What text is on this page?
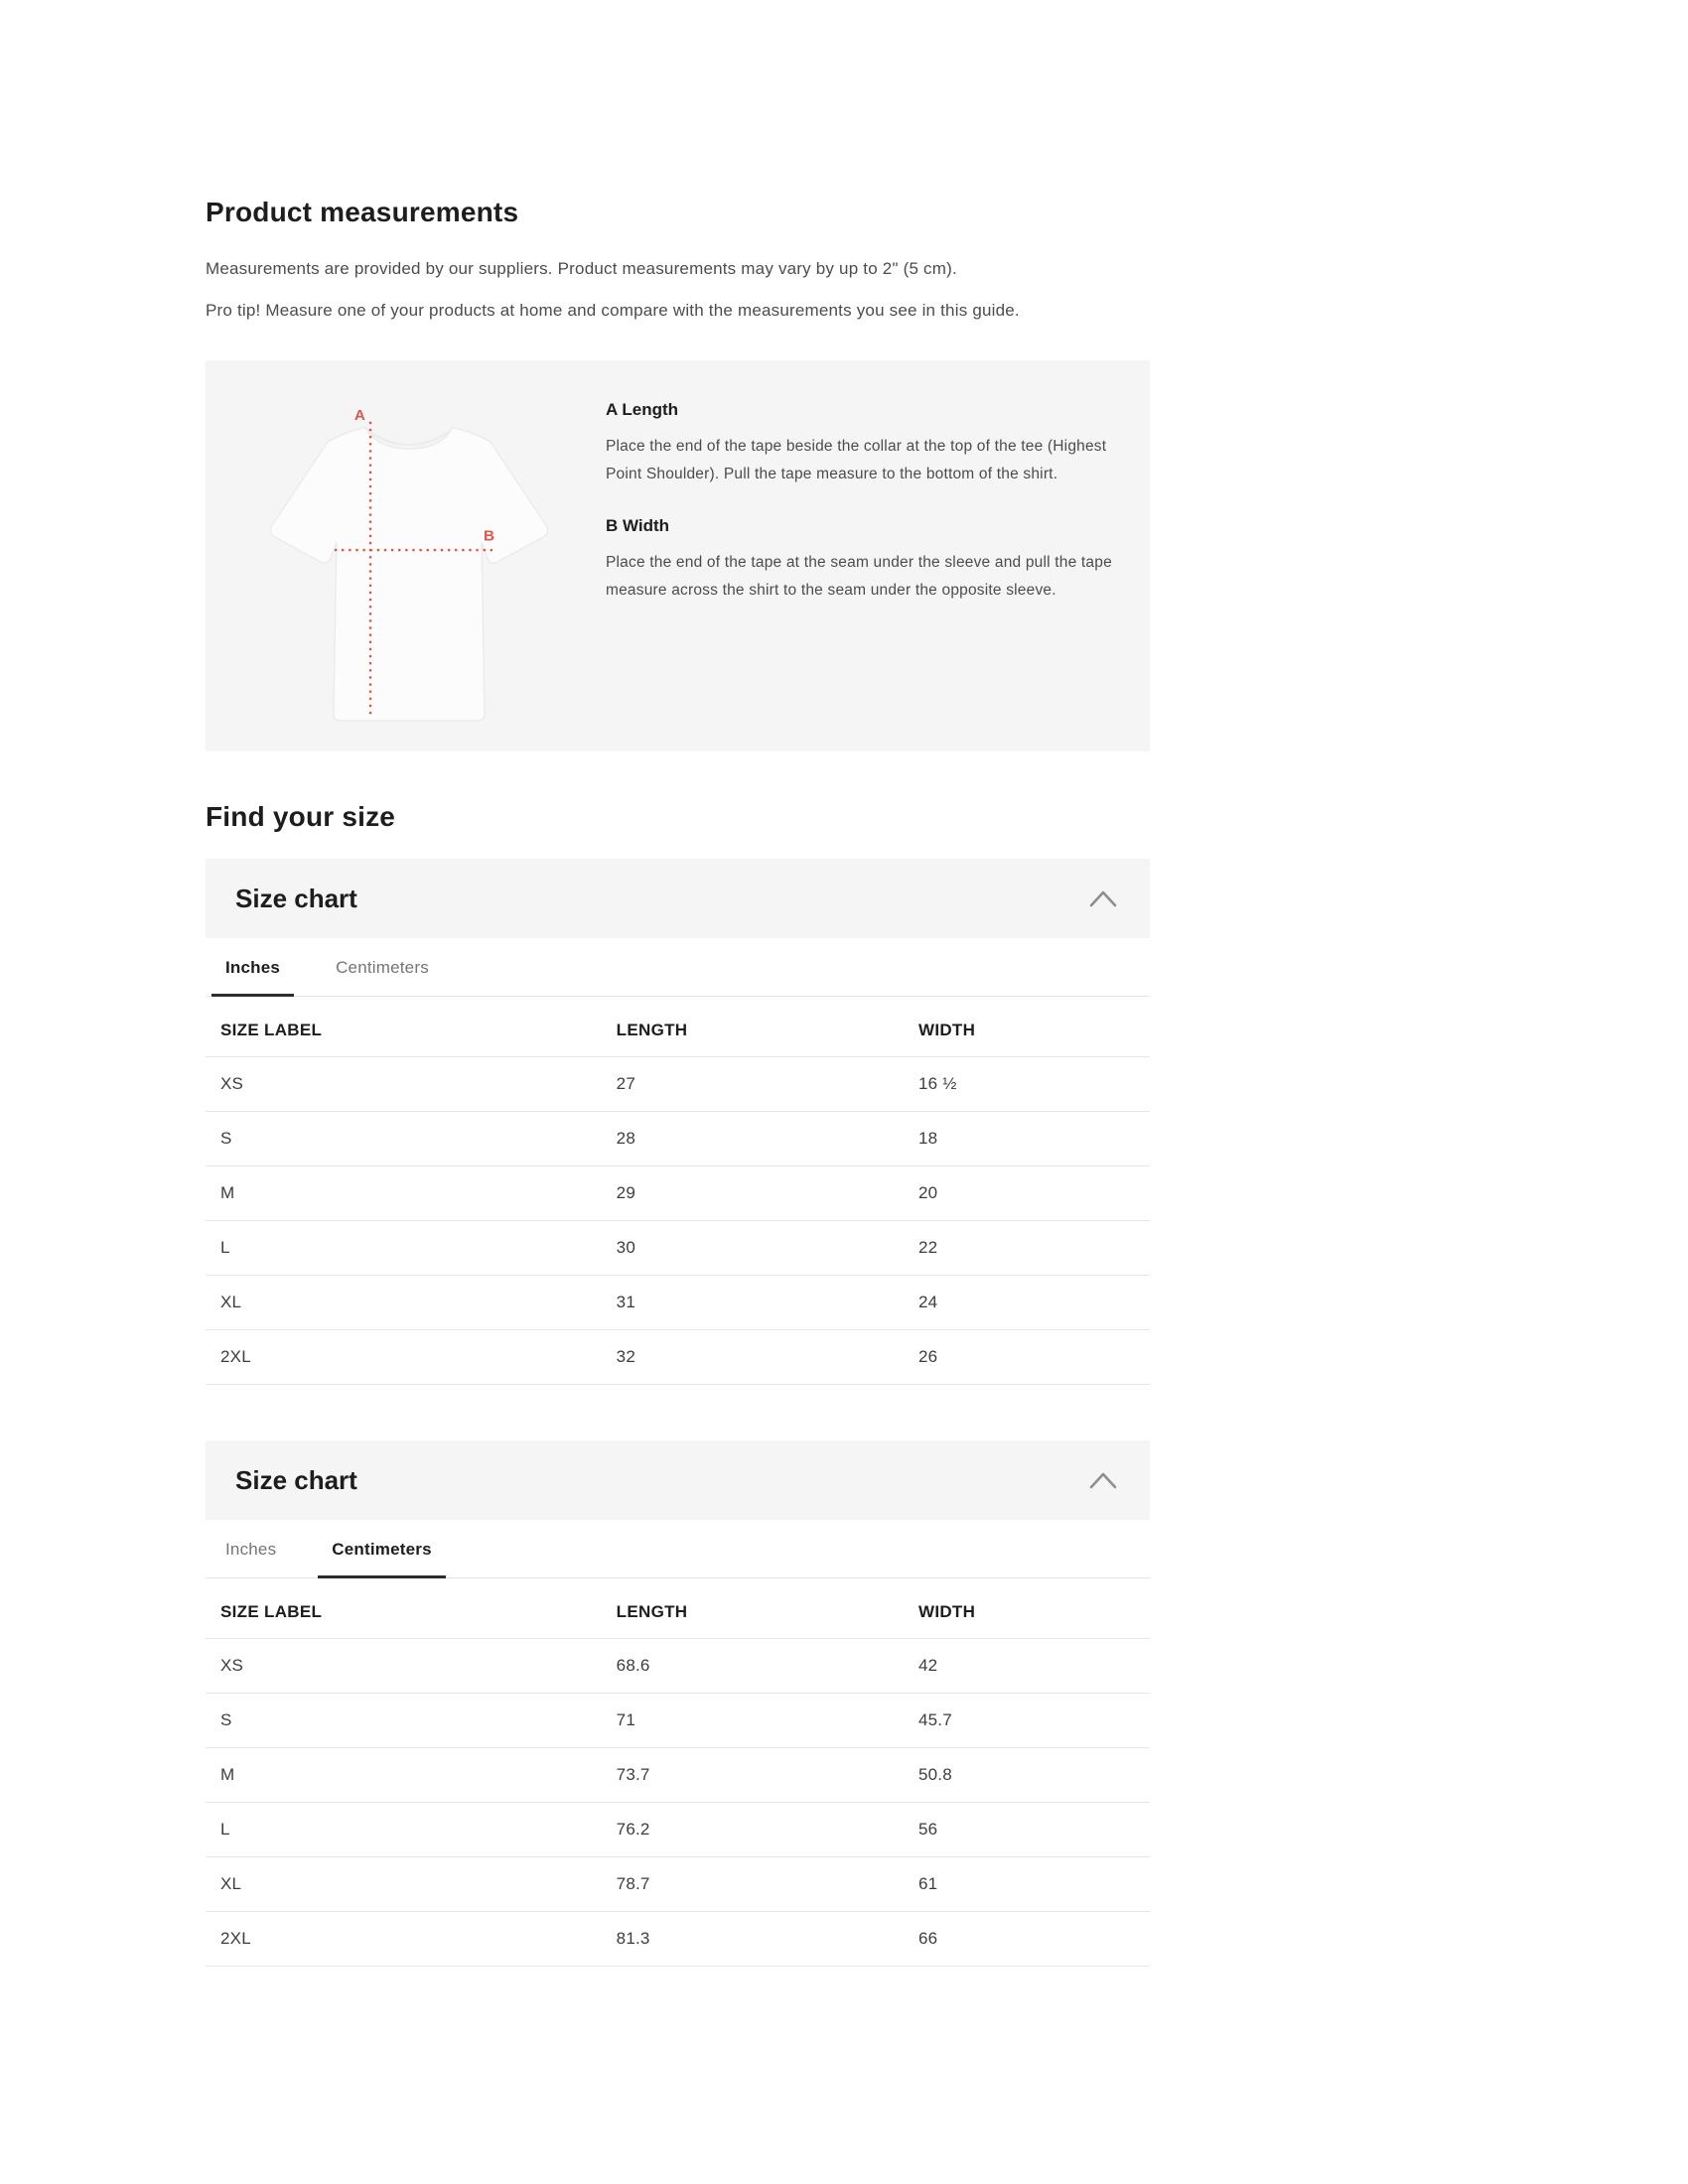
Product measurements

Measurements are provided by our suppliers. Product measurements may vary by up to 2" (5 cm).

Pro tip! Measure one of your products at home and compare with the measurements you see in this guide.

A
B
A Length
Place the end of the tape beside the collar at the top of the tee (Highest Point Shoulder). Pull the tape measure to the bottom of the shirt.
B Width
Place the end of the tape at the seam under the sleeve and pull the tape measure across the shirt to the seam under the opposite sleeve.
Find your size
Size chart
Inches	Centimeters
SIZE LABEL	LENGTH	WIDTH
XS	27	16 ½
S	28	18
M	29	20
L	30	22
XL	31	24
2XL	32	26
Size chart
Inches	Centimeters
SIZE LABEL	LENGTH	WIDTH
XS	68.6	42
S	71	45.7
M	73.7	50.8
L	76.2	56
XL	78.7	61
2XL	81.3	66
